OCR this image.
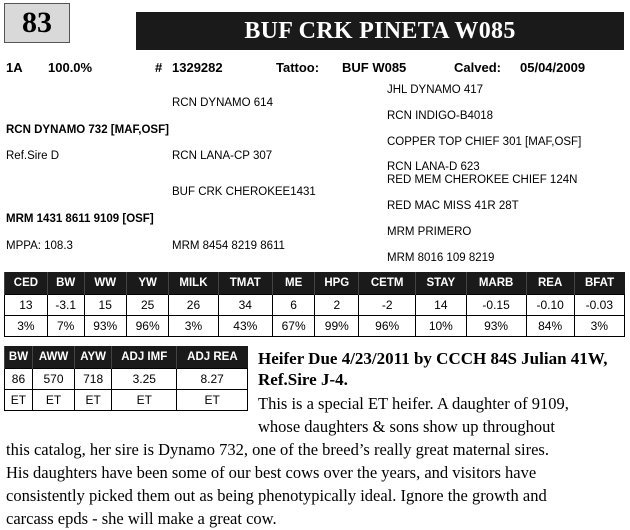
83	BUF CRK PINETA W085
1A 100.0%	# 1329282	Tattoo: BUF W085	Calved: 05/04/2009
JHL DYNAMO 417
RCN DYNAMO 614
RCN INDIGO-B4018
RCN DYNAMO 732 [MAF,OSF]
COPPER TOP CHIEF 301 [MAF,OSF]
Ref.Sire D	RCN LANA-CP 307
RCN LANA-D 623
RED MEM CHEROKEE CHIEF 124N
BUF CRK CHEROKEE1431
RED MAC MISS 41R 28T
MRM 1431 8611 9109 [OSF]
MRM PRIMERO
MPPA: 108.3	MRM 8454 8219 8611
MRM 8016 109 8219
CED	BW	WW	YW	MILK	TMAT	ME	HPG	CETM	STAY	MARB	REA	BFAT
13	-3.1	15	25	26	34	6	2	-2	14	-0.15	-0.10	-0.03
3%	7%	93%	96%	3%	43%	67%	99%	96%	10%	93%	84%	3%
BW	AWW	AYW	ADJ IMF	ADJ REA
86	570	718	3.25	8.27
ET	ET	ET	ET	ET
Heifer Due 4/23/2011 by CCCH 84S Julian 41W, Ref.Sire J-4.
This is a special ET heifer. A daughter of 9109,
whose daughters & sons show up throughout
this catalog, her sire is Dynamo 732, one of the breed’s really great maternal sires.
His daughters have been some of our best cows over the years, and visitors have
consistently picked them out as being phenotypically ideal. Ignore the growth and
carcass epds - she will make a great cow.
